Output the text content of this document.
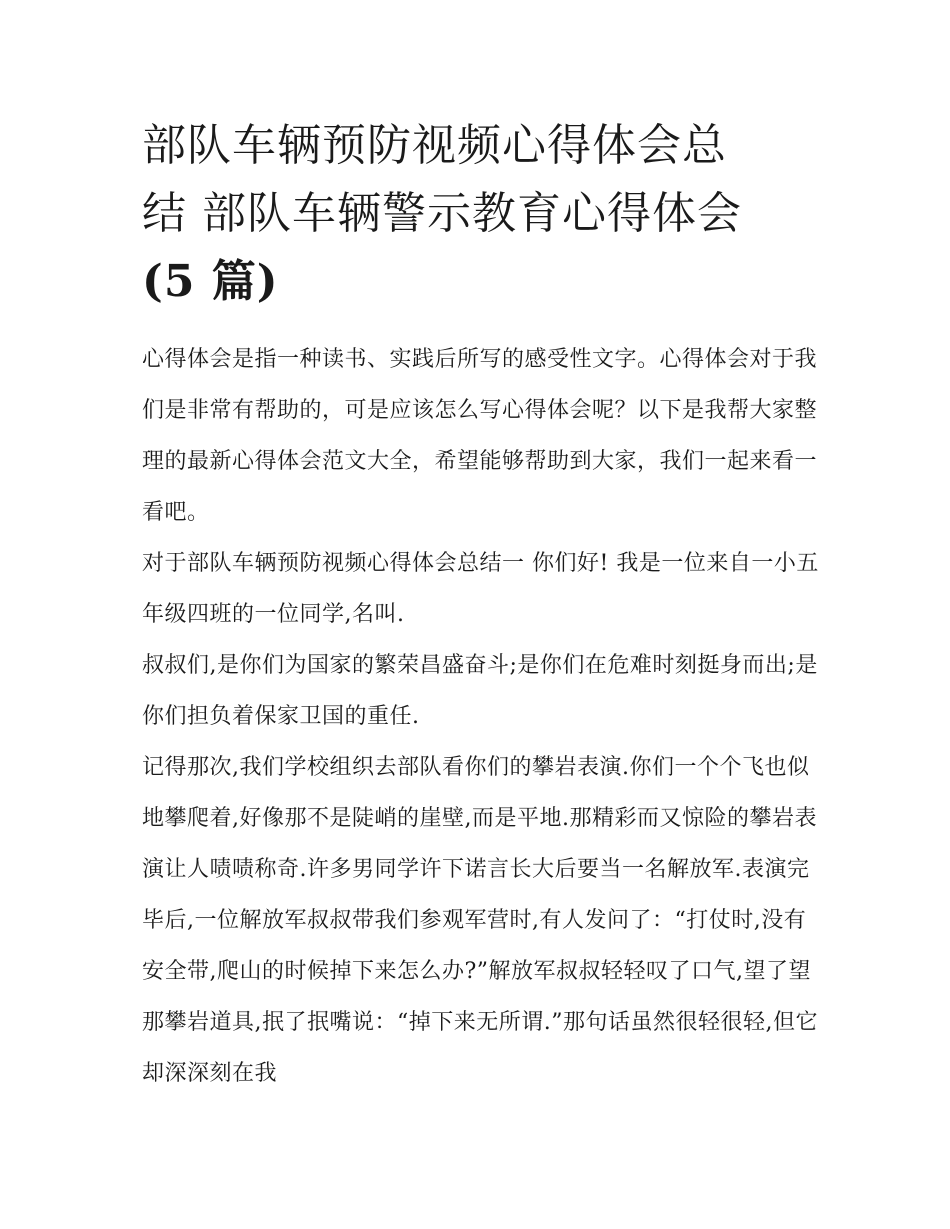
部队车辆预防视频心得体会总
结 部队车辆警示教育心得体会
(5 篇)

心得体会是指一种读书、实践后所写的感受性文字。心得体会对于我们是非常有帮助的，可是应该怎么写心得体会呢？以下是我帮大家整理的最新心得体会范文大全，希望能够帮助到大家，我们一起来看一看吧。

对于部队车辆预防视频心得体会总结一 你们好! 我是一位来自一小五年级四班的一位同学,名叫.

叔叔们,是你们为国家的繁荣昌盛奋斗;是你们在危难时刻挺身而出;是你们担负着保家卫国的重任.

记得那次,我们学校组织去部队看你们的攀岩表演.你们一个个飞也似地攀爬着,好像那不是陡峭的崖壁,而是平地.那精彩而又惊险的攀岩表演让人啧啧称奇.许多男同学许下诺言长大后要当一名解放军.表演完毕后,一位解放军叔叔带我们参观军营时,有人发问了：“打仗时,没有安全带,爬山的时候掉下来怎么办?”解放军叔叔轻轻叹了口气,望了望那攀岩道具,抿了抿嘴说：“掉下来无所谓.”那句话虽然很轻很轻,但它却深深刻在我
